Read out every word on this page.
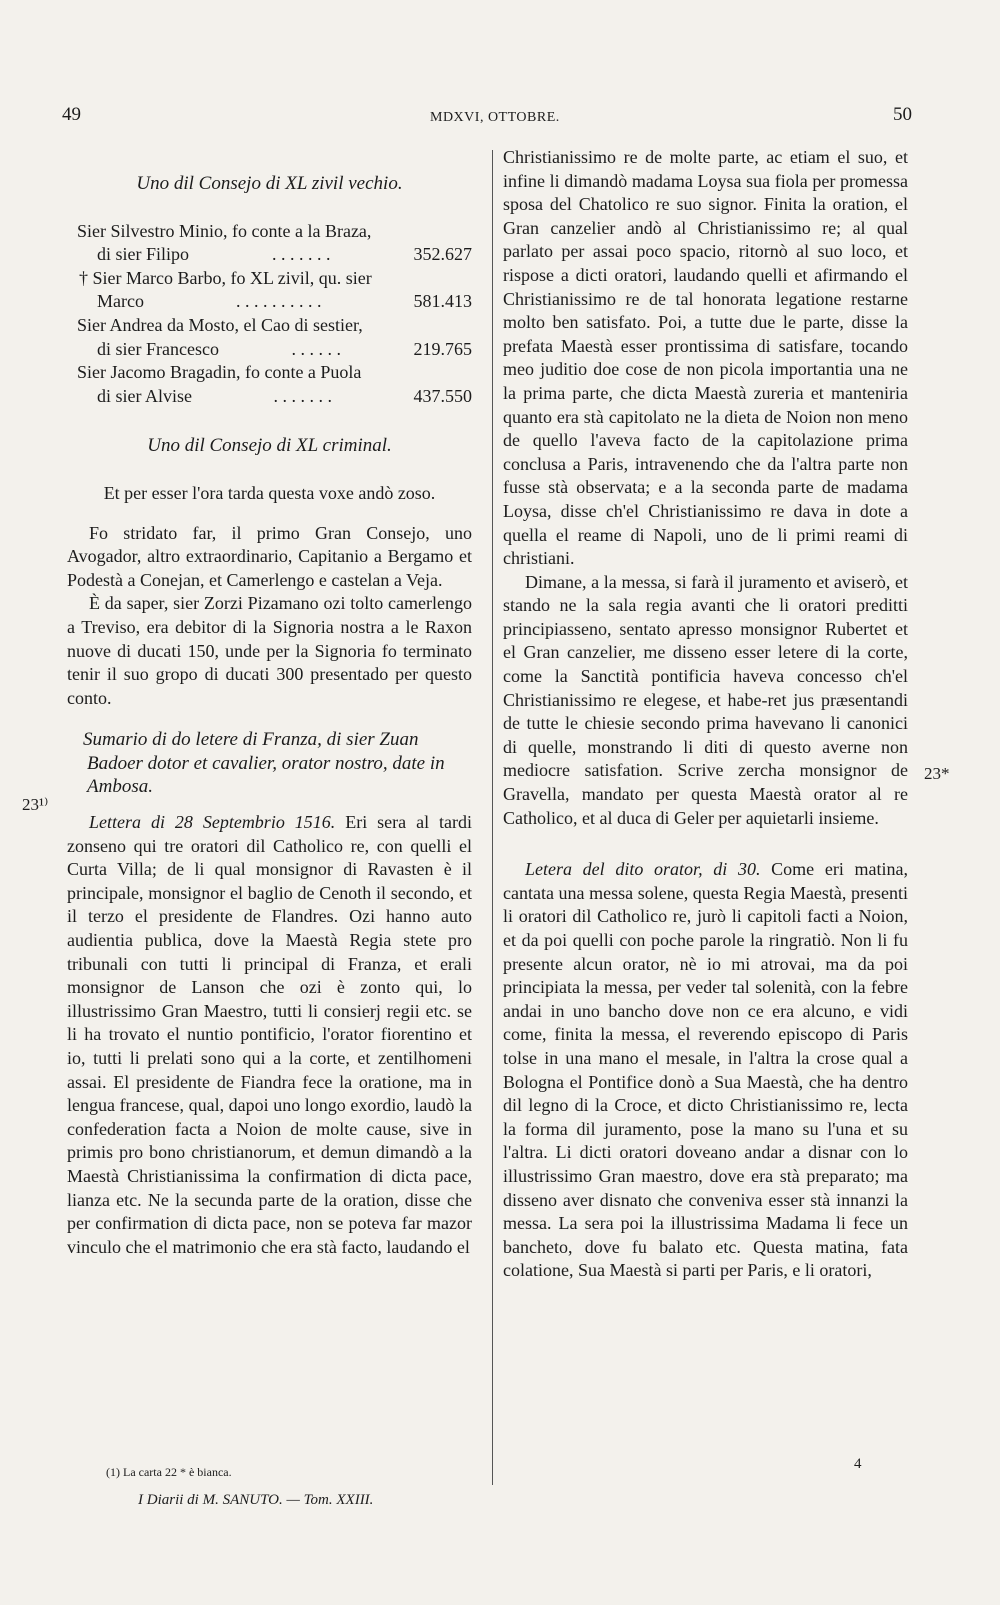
49	MDXVI, OTTOBRE.	50

Uno dil Consejo di XL zivil vechio.

Sier Silvestro Minio, fo conte a la Braza,

di sier Filipo	. . . . . . .	352.627

† Sier Marco Barbo, fo XL zivil, qu. sier

Marco	. . . . . . . . . .	581.413

Sier Andrea da Mosto, el Cao di sestier,

di sier Francesco	. . . . . .	219.765

Sier Jacomo Bragadin, fo conte a Puola

di sier Alvise	. . . . . . .	437.550

Uno dil Consejo di XL criminal.

Et per esser l'ora tarda questa voxe andò zoso.

Fo stridato far, il primo Gran Consejo, uno Avogador, altro extraordinario, Capitanio a Bergamo et Podestà a Conejan, et Camerlengo e castelan a Veja.

È da saper, sier Zorzi Pizamano ozi tolto camerlengo a Treviso, era debitor di la Signoria nostra a le Raxon nuove di ducati 150, unde per la Signoria fo terminato tenir il suo gropo di ducati 300 presentado per questo conto.

Sumario di do letere di Franza, di sier Zuan Badoer dotor et cavalier, orator nostro, date in Ambosa.

Lettera di 28 Septembrio 1516. Eri sera al tardi zonseno qui tre oratori dil Catholico re, con quelli el Curta Villa; de li qual monsignor di Ravasten è il principale, monsignor el baglio de Cenoth il secondo, et il terzo el presidente de Flandres. Ozi hanno auto audientia publica, dove la Maestà Regia stete pro tribunali con tutti li principal di Franza, et erali monsignor de Lanson che ozi è zonto qui, lo illustrissimo Gran Maestro, tutti li consierj regii etc. se li ha trovato el nuntio pontificio, l'orator fiorentino et io, tutti li prelati sono qui a la corte, et zentilhomeni assai. El presidente de Fiandra fece la oratione, ma in lengua francese, qual, dapoi uno longo exordio, laudò la confederation facta a Noion de molte cause, sive in primis pro bono christianorum, et demun dimandò a la Maestà Christianissima la confirmation di dicta pace, lianza etc. Ne la secunda parte de la oration, disse che per confirmation di dicta pace, non se poteva far mazor vinculo che el matrimonio che era stà facto, laudando el

23¹⁾

Christianissimo re de molte parte, ac etiam el suo, et infine li dimandò madama Loysa sua fiola per promessa sposa del Chatolico re suo signor. Finita la oration, el Gran canzelier andò al Christianissimo re; al qual parlato per assai poco spacio, ritornò al suo loco, et rispose a dicti oratori, laudando quelli et afirmando el Christianissimo re de tal honorata legatione restarne molto ben satisfato. Poi, a tutte due le parte, disse la prefata Maestà esser prontissima di satisfare, tocando meo juditio doe cose de non picola importantia una ne la prima parte, che dicta Maestà zureria et manteniria quanto era stà capitolato ne la dieta de Noion non meno de quello l'aveva facto de la capitolazione prima conclusa a Paris, intravenendo che da l'altra parte non fusse stà observata; e a la seconda parte de madama Loysa, disse ch'el Christianissimo re dava in dote a quella el reame di Napoli, uno de li primi reami di christiani.

Dimane, a la messa, si farà il juramento et aviserò, et stando ne la sala regia avanti che li oratori preditti principiasseno, sentato apresso monsignor Rubertet et el Gran canzelier, me disseno esser letere di la corte, come la Sanctità pontificia haveva concesso ch'el Christianissimo re elegese, et habe-ret jus præsentandi de tutte le chiesie secondo prima havevano li canonici di quelle, monstrando li diti di questo averne non mediocre satisfation. Scrive zercha monsignor de Gravella, mandato per questa Maestà orator al re Catholico, et al duca di Geler per aquietarli insieme.

Letera del dito orator, di 30. Come eri matina, cantata una messa solene, questa Regia Maestà, presenti li oratori dil Catholico re, jurò li capitoli facti a Noion, et da poi quelli con poche parole la ringratiò. Non li fu presente alcun orator, nè io mi atrovai, ma da poi principiata la messa, per veder tal solenità, con la febre andai in uno bancho dove non ce era alcuno, e vidi come, finita la messa, el reverendo episcopo di Paris tolse in una mano el mesale, in l'altra la crose qual a Bologna el Pontifice donò a Sua Maestà, che ha dentro dil legno di la Croce, et dicto Christianissimo re, lecta la forma dil juramento, pose la mano su l'una et su l'altra. Li dicti oratori doveano andar a disnar con lo illustrissimo Gran maestro, dove era stà preparato; ma disseno aver disnato che conveniva esser stà innanzi la messa. La sera poi la illustrissima Madama li fece un bancheto, dove fu balato etc. Questa matina, fata colatione, Sua Maestà si parti per Paris, e li oratori,

23*
(1) La carta 22 * è bianca.
I Diarii di M. SANUTO. — Tom. XXIII.
4
